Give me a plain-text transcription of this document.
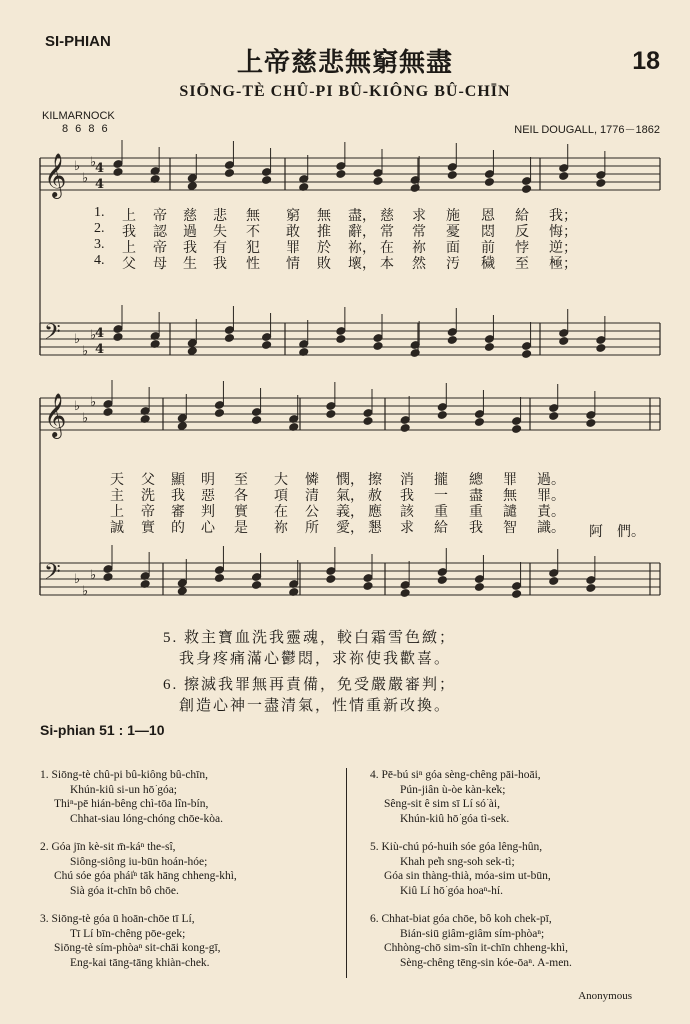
SI-PHIAN
18
上帝慈悲無窮無盡
SIŌNG-TÈ CHÛ-PI BÛ-KIÔNG BÛ-CHĪN
KILMARNOCK
8 6 8 6	NEIL DOUGALL, 1776－1862
𝄞 ♭
♭
♭
4
4
𝄢 ♭
♭
♭
4
4
𝄞 ♭
♭
♭
𝄢 ♭
♭
♭
1. 上 帝 慈 悲 無 窮 無 盡， 慈 求 施 恩 給 我；
2. 我 認 過 失 不 敢 推 辭， 常 常 憂 悶 反 悔；
3. 上 帝 我 有 犯 罪 於 祢， 在 祢 面 前 悖 逆；
4. 父 母 生 我 性 情 敗 壞， 本 然 汚 穢 至 極；
天 父 顯 明 至 大 憐 憫， 擦 消 攏 總 罪 過。
主 洗 我 惡 各 項 清 氣， 赦 我 一 盡 無 罪。
上 帝 審 判 實 在 公 義， 應 該 重 重 譴 責。
誠 實 的 心 是 祢 所 愛， 懇 求 給 我 智 識。 阿　們。
5. 救主寶血洗我靈魂，較白霜雪色緻；
我身疼痛滿心鬱悶，求祢使我歡喜。
6. 擦滅我罪無再責備，免受嚴嚴審判；
創造心神一盡清氣，性情重新改換。
Si-phian 51 : 1—10
1. Siōng-tè chû-pi bû-kiông bû-chīn,
Khún-kiû si-un hō͘ góa;
Thiⁿ-pē hián-bêng chì-tōa lîn-bín,
Chhat-siau lóng-chóng chōe-kòa.
2. Góa jīn kè-sit m̄-káⁿ the-sî,
Siông-siông iu-būn hoán-hóe;
Chú sóe góa phái̍ⁿ tāk hāng chheng-khì,
Sià góa it-chīn bô chōe.
3. Siōng-tè góa ū hoān-chōe tī Lí,
Tī Lí bīn-chêng pōe-gek;
Siōng-tè sím-phòaⁿ sit-chāi kong-gī,
Eng-kai tāng-tāng khiàn-chek.
4. Pē-bú siⁿ góa sèng-chêng pāi-hoāi,
Pún-jiân ù-òe kàn-ke̍k;
Sêng-sit ê sim sī Lí só͘ ài,
Khún-kiû hō͘ góa tì-sek.
5. Kiù-chú pó-huih sóe góa lêng-hûn,
Khah pe̍h sng-soh sek-tì;
Góa sin thàng-thià, móa-sim ut-būn,
Kiû Lí hō͘ góa hoaⁿ-hí.
6. Chhat-biat góa chōe, bô koh chek-pī,
Bián-siū giâm-giâm sím-phòaⁿ;
Chhòng-chō sim-sîn it-chīn chheng-khì,
Sèng-chêng tēng-sin kóe-ōaⁿ. A-men.
Anonymous
